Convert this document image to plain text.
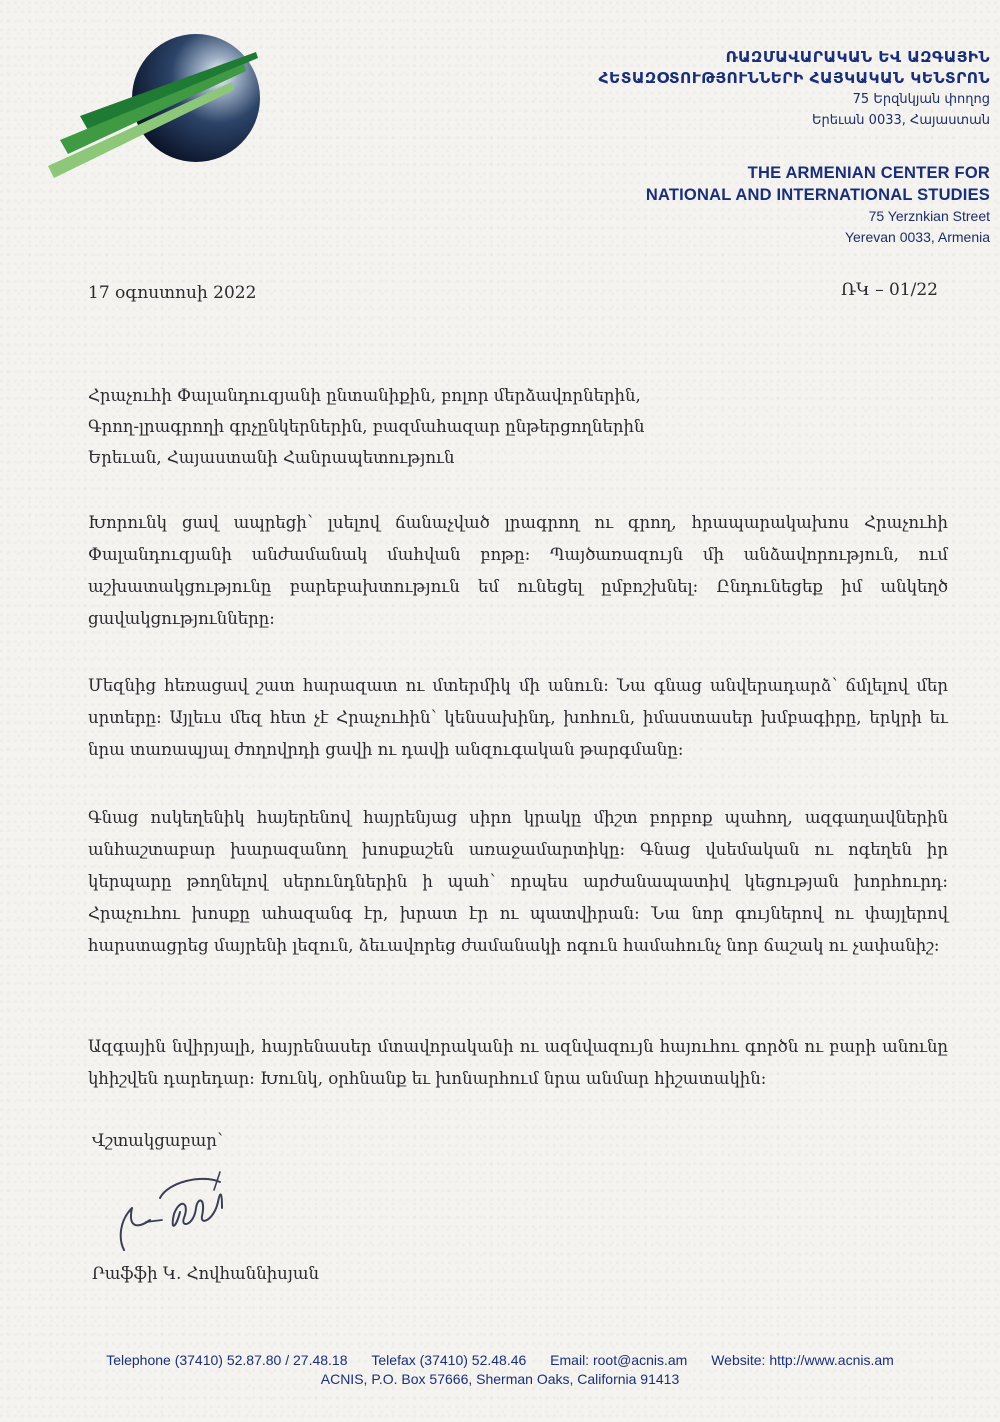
ՌԱԶՄԱՎԱՐԱԿԱՆ ԵՎ ԱԶԳԱՅԻՆ
ՀԵՏԱԶՕՏՈՒԹՅՈՒՆՆԵՐԻ ՀԱՅԿԱԿԱՆ ԿԵՆՏՐՈՆ
75 Երզնկյան փողոց
Երեւան 0033, Հայաստան
THE ARMENIAN CENTER FOR
NATIONAL AND INTERNATIONAL STUDIES
75 Yerznkian Street
Yerevan 0033, Armenia
17 օգոստոսի 2022	ՌԿ – 01/22
Հրաչուհի Փալանդուզյանի ընտանիքին, բոլոր մերձավորներին,
Գրող-լրագրողի գրչընկերներին, բազմահազար ընթերցողներին
Երեւան, Հայաստանի Հանրապետություն
Խորունկ ցավ ապրեցի՝ լսելով ճանաչված լրագրող ու գրող, հրապարակախոս Հրաչուհի Փալանդուզյանի անժամանակ մահվան բոթը: Պայծառազույն մի անձավորություն, ում աշխատակցությունը բարեբախտություն եմ ունեցել ըմբոշխնել: Ընդունեցեք իմ անկեղծ ցավակցությունները:
Մեզնից հեռացավ շատ հարազատ ու մտերմիկ մի անուն: Նա գնաց անվերադարձ՝ ճմլելով մեր սրտերը: Այլեւս մեզ հետ չէ Հրաչուհին՝ կենսախինդ, խոհուն, իմաստասեր խմբագիրը, երկրի եւ նրա տառապյալ ժողովրդի ցավի ու դավի անզուգական թարգմանը:
Գնաց ոսկեղենիկ հայերենով հայրենյաց սիրո կրակը միշտ բորբոք պահող, ազգաղավներին անհաշտաբար խարազանող խոսքաշեն առաջամարտիկը: Գնաց վսեմական ու ոգեղեն իր կերպարը թողնելով սերունդներին ի պահ՝ որպես արժանապատիվ կեցության խորհուրդ: Հրաչուհու խոսքը ահազանգ էր, խրատ էր ու պատվիրան: Նա նոր գույներով ու փայլերով հարստացրեց մայրենի լեզուն, ձեւավորեց ժամանակի ոգուն համահունչ նոր ճաշակ ու չափանիշ:
Ազգային նվիրյալի, հայրենասեր մտավորականի ու ազնվազույն հայուհու գործն ու բարի անունը կհիշվեն դարեդար: Խունկ, օրհնանք եւ խոնարհում նրա անմար հիշատակին:
Վշտակցաբար՝
Րաֆֆի Կ. Հովհաննիսյան
Telephone (37410) 52.87.80 / 27.48.18 Telefax (37410) 52.48.46 Email: root@acnis.am Website: http://www.acnis.am
ACNIS, P.O. Box 57666, Sherman Oaks, California 91413
